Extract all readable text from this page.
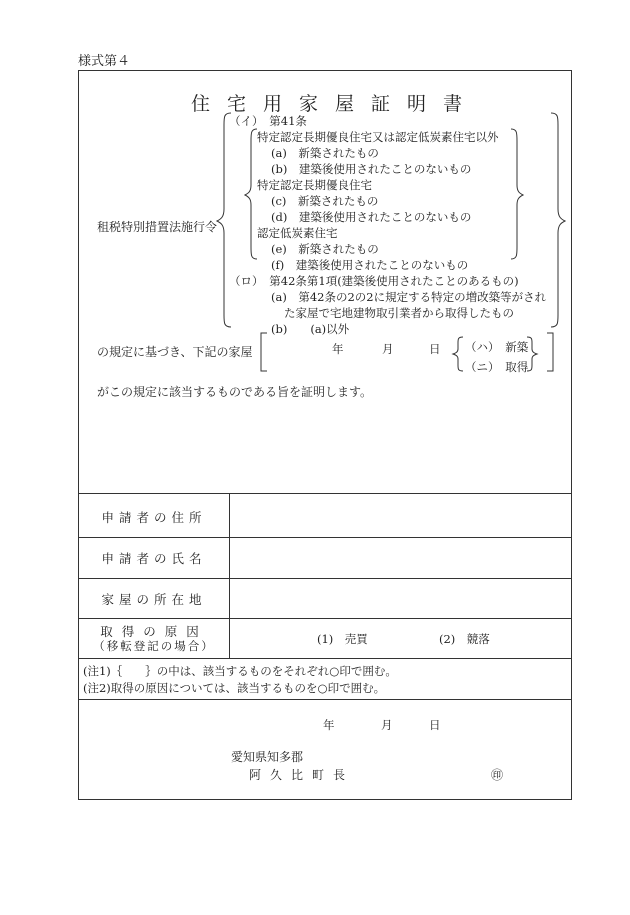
様式第４
住宅用家屋証明書
租税特別措置法施行令
（イ）　第41条
特定認定長期優良住宅又は認定低炭素住宅以外
(a)　新築されたもの
(b)　建築後使用されたことのないもの
特定認定長期優良住宅
(c)　新築されたもの
(d)　建築後使用されたことのないもの
認定低炭素住宅
(e)　新築されたもの
(f)　建築後使用されたことのないもの
（ロ）　第42条第1項(建築後使用されたことのあるもの)
(a)　第42条の2の2に規定する特定の増改築等がされ
た家屋で宅地建物取引業者から取得したもの
(b)　　(a)以外
の規定に基づき、下記の家屋	年	月	日 （ハ）　新築
（ニ）　取得
がこの規定に該当するものである旨を証明します。
申請者の住所
申請者の氏名
家屋の所在地
取得の原因
（移転登記の場合）	(1)　売買	(2)　競落
(注1)｛　　｝の中は、該当するものをそれぞれ○印で囲む。
(注2)取得の原因については、該当するものを○印で囲む。
年	月	日
愛知県知多郡
阿久比町長	㊞
